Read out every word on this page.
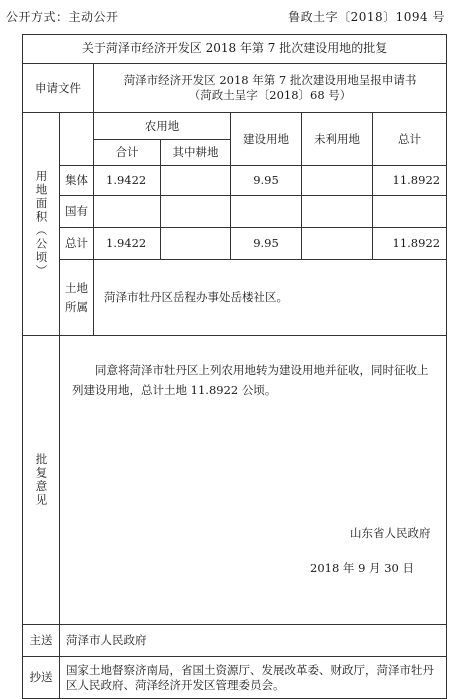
公开方式：主动公开	鲁政土字〔2018〕1094 号
关于菏泽市经济开发区 2018 年第 7 批次建设用地的批复						
申请文件		菏泽市经济开发区 2018 年第 7 批次建设用地呈报申请书
（菏政土呈字〔2018〕68 号）				

用地面积（公顷）		农用地		建设用地	未利用地	总计
		合计	其中耕地			
	集体	1.9422		9.95		11.8922
	国有					
	总计	1.9422		9.95		11.8922

	土地所属	菏泽市牡丹区岳程办事处岳楼社区。				

批复意见	同意将菏泽市牡丹区上列农用地转为建设用地并征收，同时征收上列建设用地，总计土地 11.8922 公顷。
山东省人民政府
2018 年 9 月 30 日					

主送	菏泽市人民政府					
抄送	国家土地督察济南局，省国土资源厅、发展改革委、财政厅，菏泽市牡丹区人民政府、菏泽经济开发区管理委员会。					
